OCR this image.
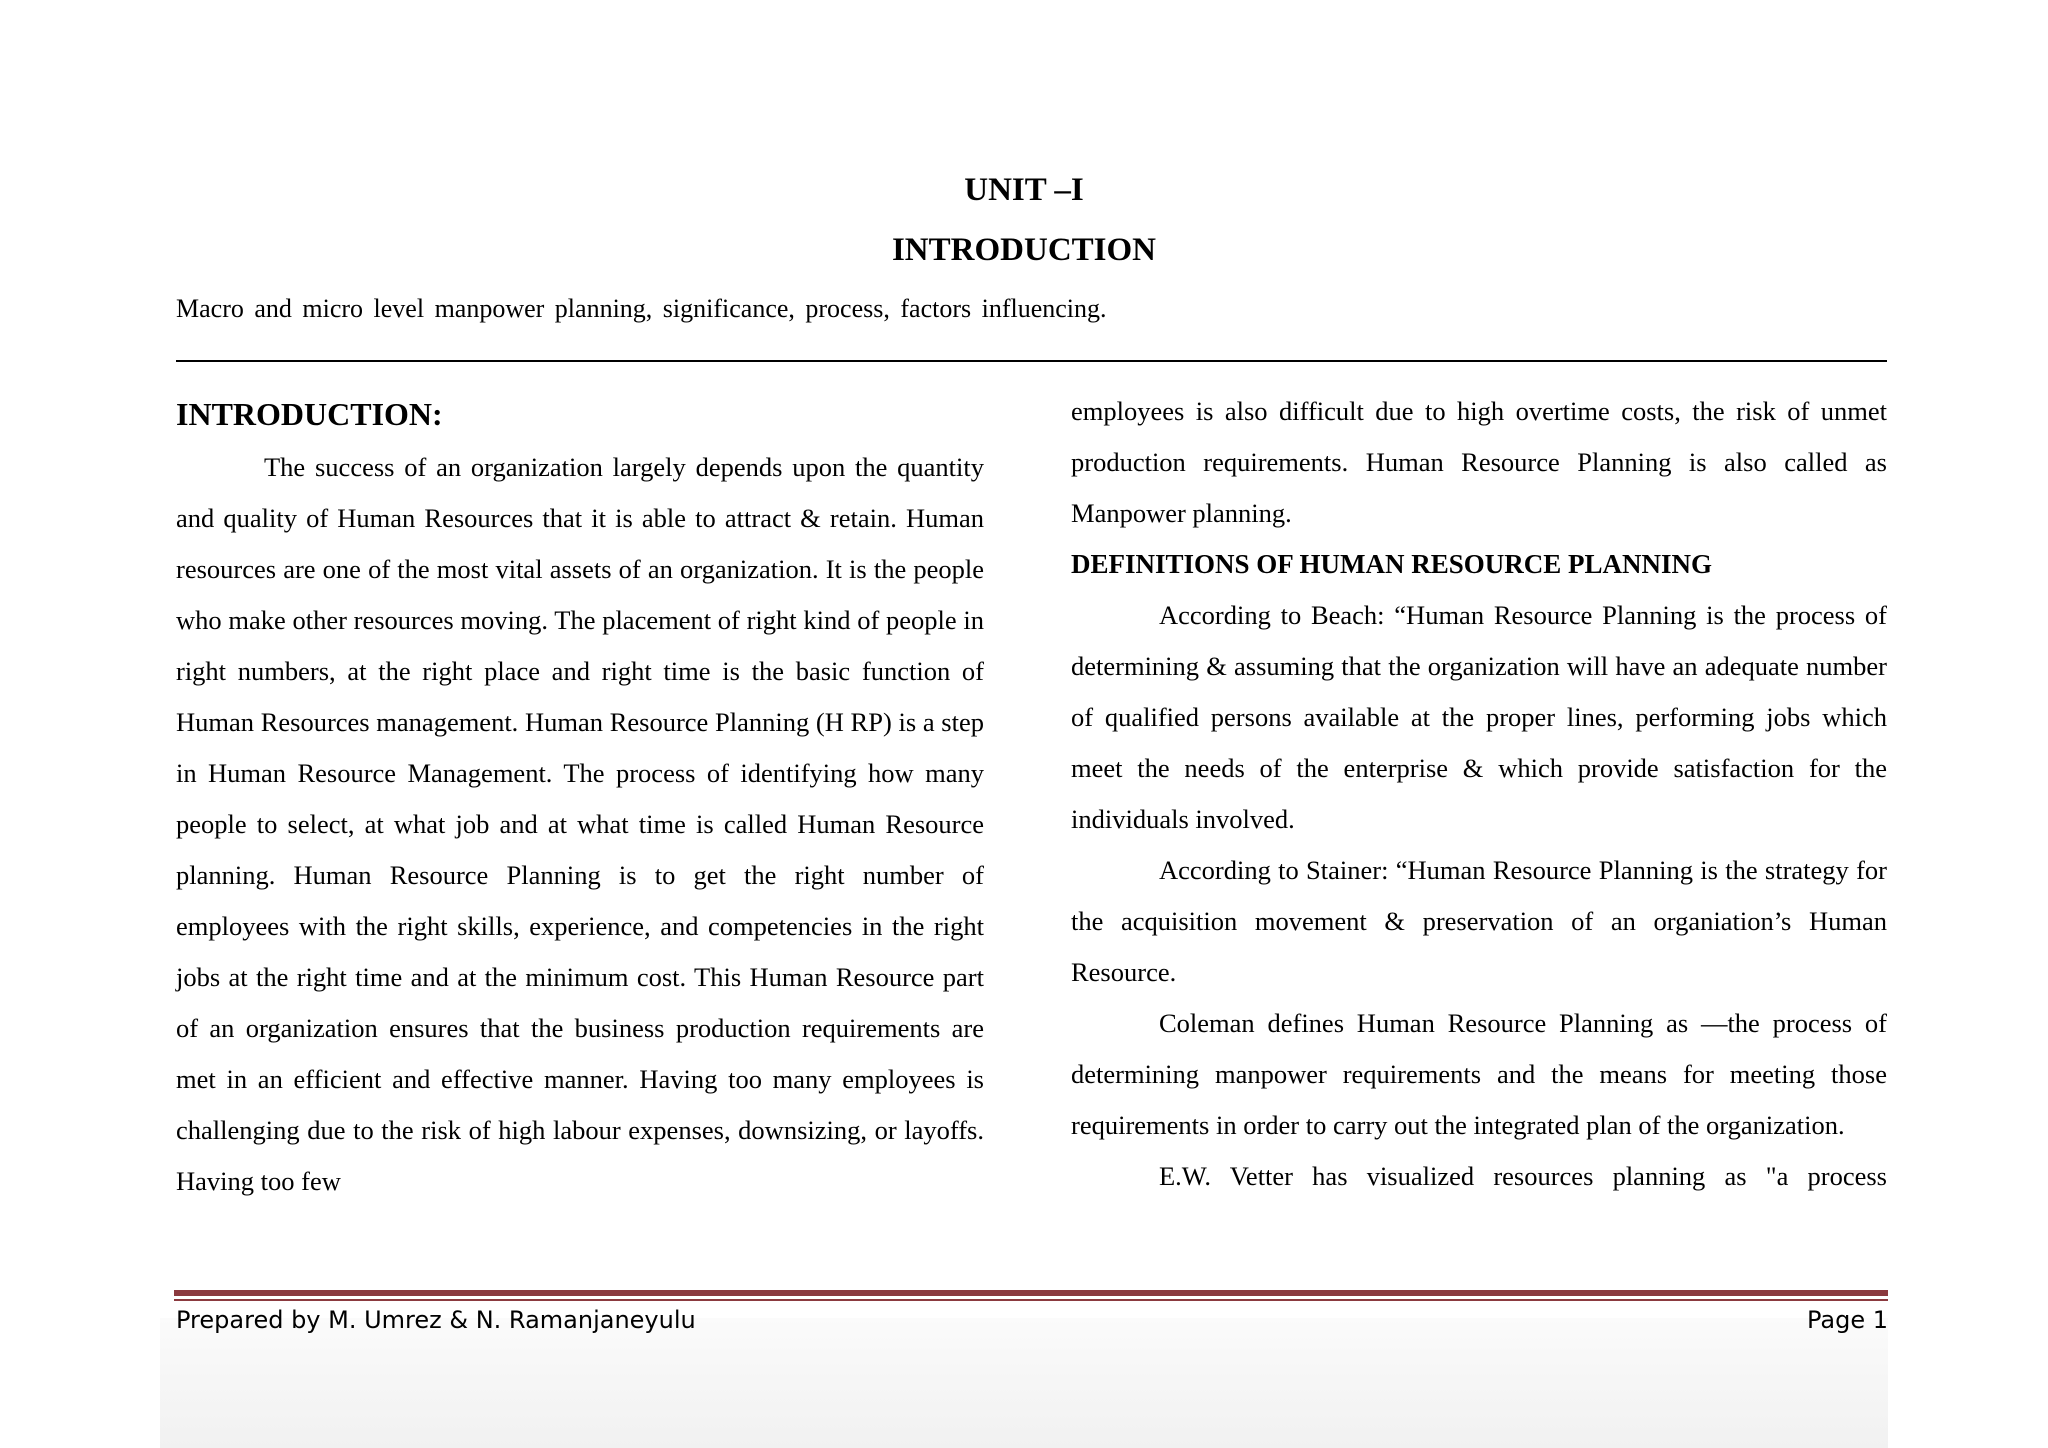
UNIT –I
INTRODUCTION
Macro and micro level manpower planning, significance, process, factors influencing.
INTRODUCTION:

The success of an organization largely depends upon the quantity and quality of Human Resources that it is able to attract & retain. Human resources are one of the most vital assets of an organization. It is the people who make other resources moving. The placement of right kind of people in right numbers, at the right place and right time is the basic function of Human Resources management. Human Resource Planning (H RP) is a step in Human Resource Management. The process of identifying how many people to select, at what job and at what time is called Human Resource planning. Human Resource Planning is to get the right number of employees with the right skills, experience, and competencies in the right jobs at the right time and at the minimum cost. This Human Resource part of an organization ensures that the business production requirements are met in an efficient and effective manner. Having too many employees is challenging due to the risk of high labour expenses, downsizing, or layoffs. Having too few

employees is also difficult due to high overtime costs, the risk of unmet production requirements. Human Resource Planning is also called as Manpower planning.

DEFINITIONS OF HUMAN RESOURCE PLANNING

According to Beach: “Human Resource Planning is the process of determining & assuming that the organization will have an adequate number of qualified persons available at the proper lines, performing jobs which meet the needs of the enterprise & which provide satisfaction for the individuals involved.

According to Stainer: “Human Resource Planning is the strategy for the acquisition movement & preservation of an organiation’s Human Resource.

Coleman defines Human Resource Planning as ―the process of determining manpower requirements and the means for meeting those requirements in order to carry out the integrated plan of the organization.

E.W. Vetter has visualized resources planning as "a process

Prepared by M. Umrez & N. Ramanjaneyulu	Page 1
